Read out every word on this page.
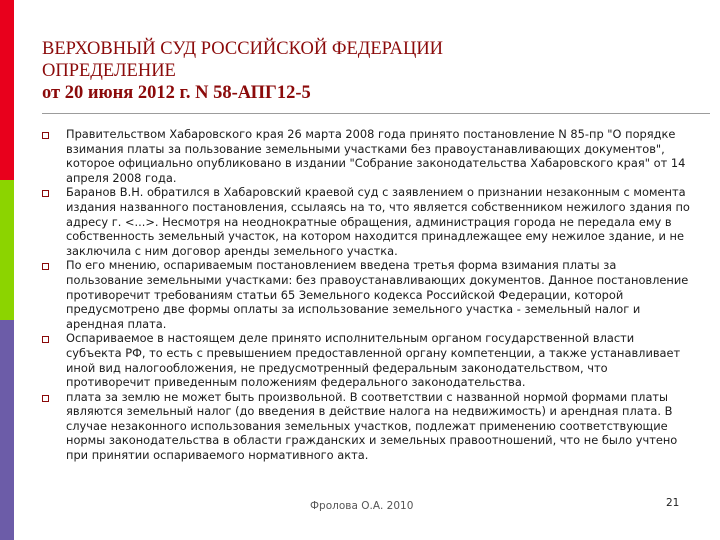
ВЕРХОВНЫЙ СУД РОССИЙСКОЙ ФЕДЕРАЦИИ
ОПРЕДЕЛЕНИЕ
от 20 июня 2012 г. N 58-АПГ12-5
Правительством Хабаровского края 26 марта 2008 года принято постановление N 85-пр "О порядке взимания платы за пользование земельными участками без правоустанавливающих документов", которое официально опубликовано в издании "Собрание законодательства Хабаровского края" от 14 апреля 2008 года.
Баранов В.Н. обратился в Хабаровский краевой суд с заявлением о признании незаконным с момента издания названного постановления, ссылаясь на то, что является собственником нежилого здания по адресу г. <...>. Несмотря на неоднократные обращения, администрация города не передала ему в собственность земельный участок, на котором находится принадлежащее ему нежилое здание, и не заключила с ним договор аренды земельного участка.
По его мнению, оспариваемым постановлением введена третья форма взимания платы за пользование земельными участками: без правоустанавливающих документов. Данное постановление противоречит требованиям статьи 65 Земельного кодекса Российской Федерации, которой предусмотрено две формы оплаты за использование земельного участка - земельный налог и арендная плата.
Оспариваемое в настоящем деле принято исполнительным органом государственной власти субъекта РФ, то есть с превышением предоставленной органу компетенции, а также устанавливает иной вид налогообложения, не предусмотренный федеральным законодательством, что противоречит приведенным положениям федерального законодательства.
плата за землю не может быть произвольной. В соответствии с названной нормой формами платы являются земельный налог (до введения в действие налога на недвижимость) и арендная плата. В случае незаконного использования земельных участков, подлежат применению соответствующие нормы законодательства в области гражданских и земельных правоотношений, что не было учтено при принятии оспариваемого нормативного акта.
Фролова О.А. 2010	21
